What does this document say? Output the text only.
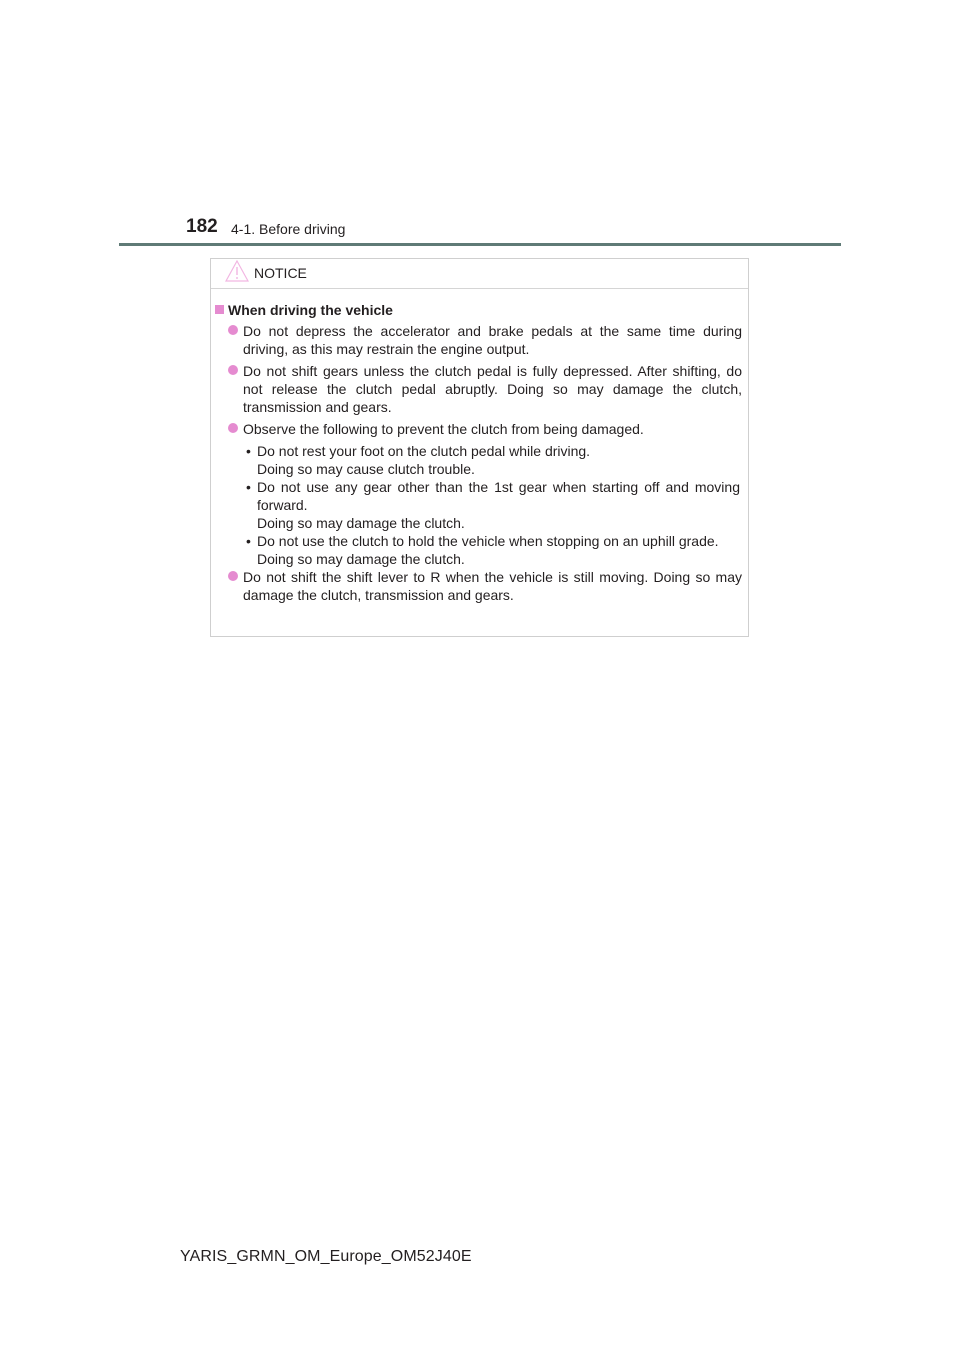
182 4-1. Before driving
NOTICE
When driving the vehicle
Do not depress the accelerator and brake pedals at the same time during driving, as this may restrain the engine output.
Do not shift gears unless the clutch pedal is fully depressed. After shifting, do not release the clutch pedal abruptly. Doing so may damage the clutch, transmission and gears.
Observe the following to prevent the clutch from being damaged.
• Do not rest your foot on the clutch pedal while driving.
Doing so may cause clutch trouble.
• Do not use any gear other than the 1st gear when starting off and moving forward.
Doing so may damage the clutch.
• Do not use the clutch to hold the vehicle when stopping on an uphill grade.
Doing so may damage the clutch.
Do not shift the shift lever to R when the vehicle is still moving. Doing so may damage the clutch, transmission and gears.
YARIS_GRMN_OM_Europe_OM52J40E
